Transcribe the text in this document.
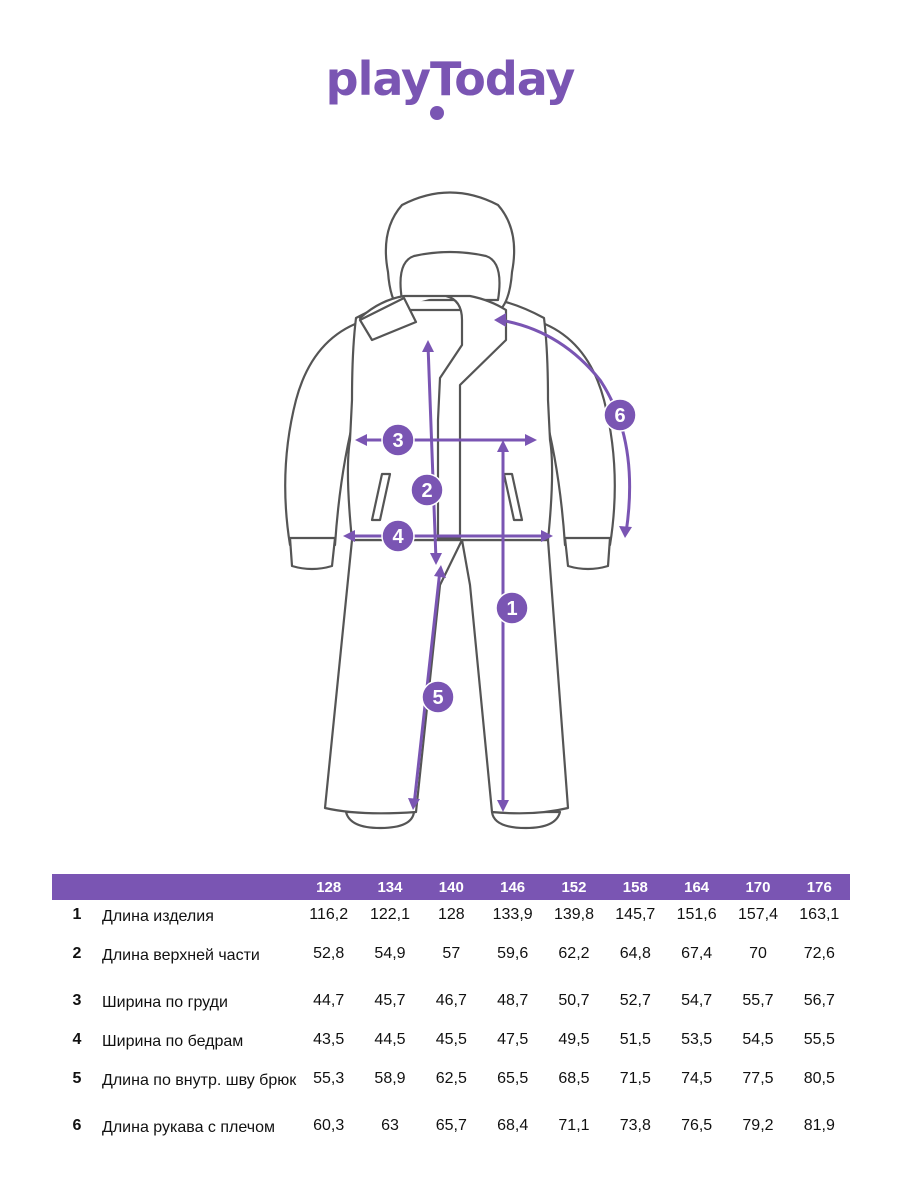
playToday
1
2
3
4
5
6
		128	134	140	146	152	158	164	170	176
1	Длина изделия	116,2	122,1	128	133,9	139,8	145,7	151,6	157,4	163,1
2	Длина верхней части	52,8	54,9	57	59,6	62,2	64,8	67,4	70	72,6
3	Ширина по груди	44,7	45,7	46,7	48,7	50,7	52,7	54,7	55,7	56,7
4	Ширина по бедрам	43,5	44,5	45,5	47,5	49,5	51,5	53,5	54,5	55,5
5	Длина по внутр. шву брюк	55,3	58,9	62,5	65,5	68,5	71,5	74,5	77,5	80,5
6	Длина рукава с плечом	60,3	63	65,7	68,4	71,1	73,8	76,5	79,2	81,9
